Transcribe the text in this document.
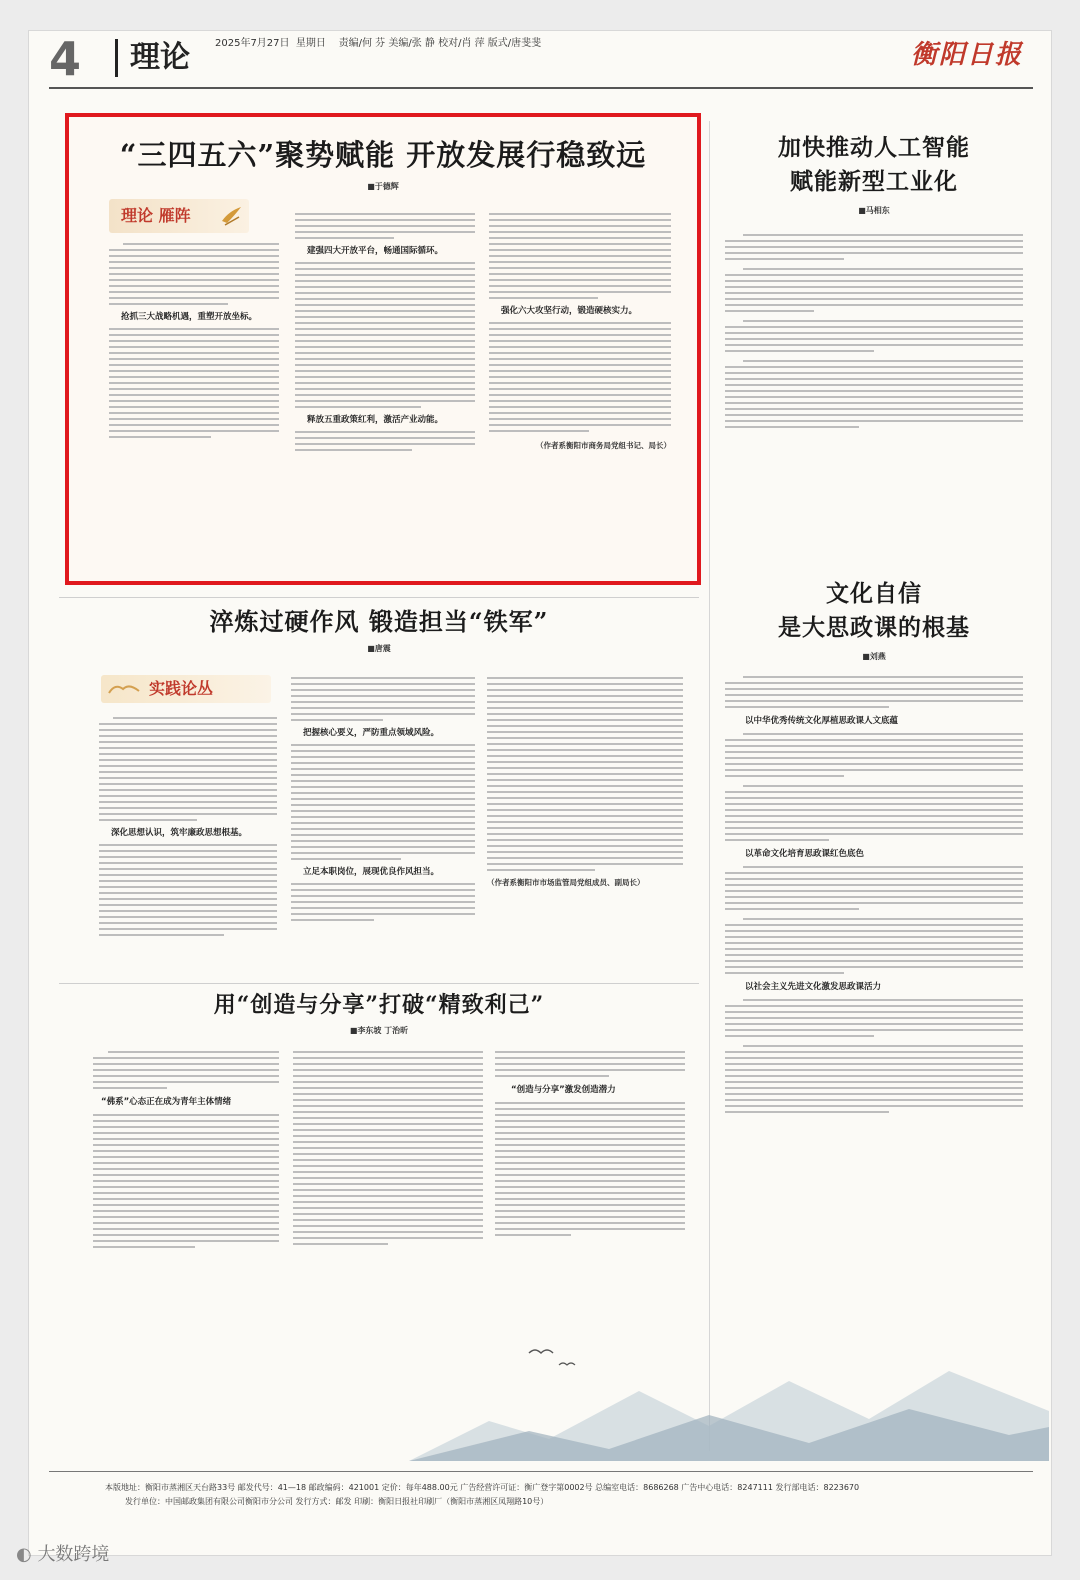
4	理论	2025年7月27日 星期日 责编/何 芬 美编/张 静 校对/肖 萍 版式/唐斐斐	衡阳日报
“三四五六”聚势赋能 开放发展行稳致远
■于德辉
理论 雁阵
抢抓三大战略机遇，重塑开放坐标。
建强四大开放平台，畅通国际循环。
释放五重政策红利，激活产业动能。
强化六大攻坚行动，锻造硬核实力。
（作者系衡阳市商务局党组书记、局长）
加快推动人工智能
赋能新型工业化
■马相东
淬炼过硬作风 锻造担当“铁军”
■唐震
实践论丛
深化思想认识，筑牢廉政思想根基。
把握核心要义，严防重点领域风险。
立足本职岗位，展现优良作风担当。
（作者系衡阳市市场监管局党组成员、副局长）
文化自信
是大思政课的根基
■刘燕
以中华优秀传统文化厚植思政课人文底蕴
以革命文化培育思政课红色底色
以社会主义先进文化激发思政课活力
用“创造与分享”打破“精致利己”
■李东坡 丁治昕
“佛系”心态正在成为青年主体情绪
“创造与分享”激发创造潜力
本版地址：衡阳市蒸湘区天台路33号 邮发代号：41—18 邮政编码：421001 定价：每年488.00元 广告经营许可证：衡广登字第0002号 总编室电话：8686268 广告中心电话：8247111 发行部电话：8223670
发行单位：中国邮政集团有限公司衡阳市分公司 发行方式：邮发 印刷：衡阳日报社印刷厂（衡阳市蒸湘区凤翔路10号）
◐ 大数跨境
